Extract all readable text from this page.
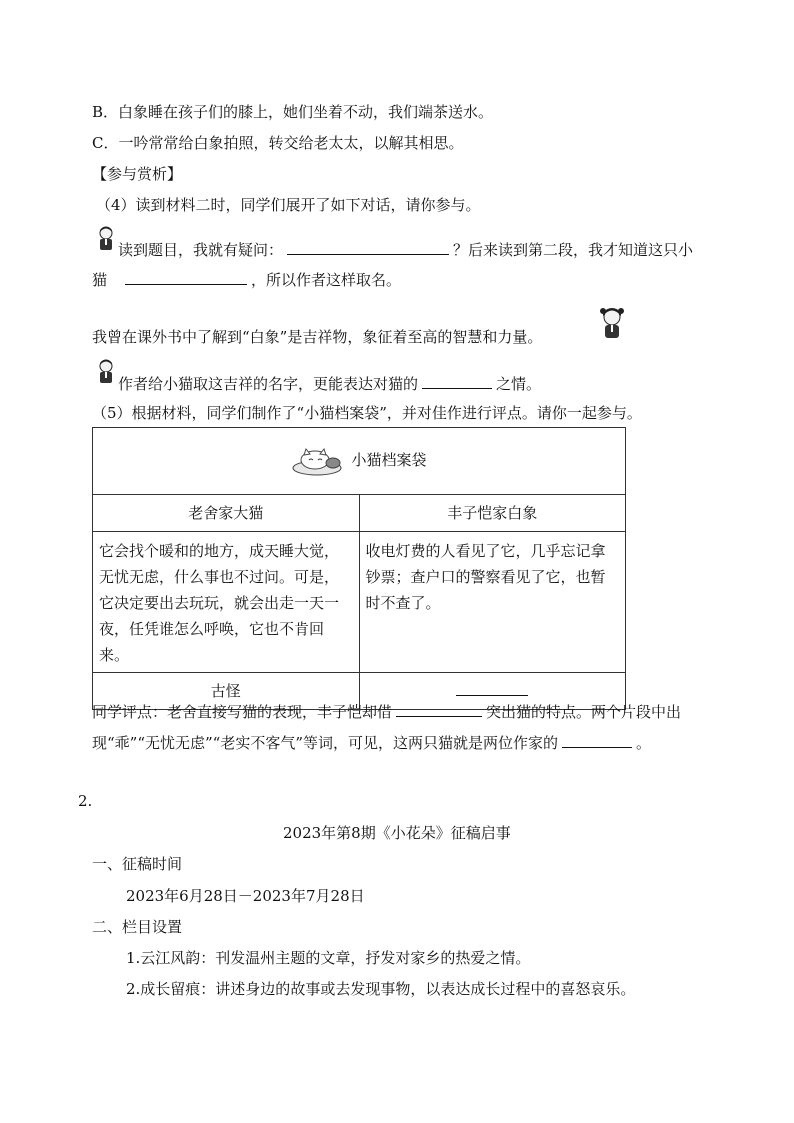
B．白象睡在孩子们的膝上，她们坐着不动，我们端茶送水。
C．一吟常常给白象拍照，转交给老太太，以解其相思。
【参与赏析】
（4）读到材料二时，同学们展开了如下对话，请你参与。
读到题目，我就有疑问：	？后来读到第二段，我才知道这只小
猫	，所以作者这样取名。
我曾在课外书中了解到“白象”是吉祥物，象征着至高的智慧和力量。
作者给小猫取这吉祥的名字，更能表达对猫的	之情。
（5）根据材料，同学们制作了“小猫档案袋”，并对佳作进行评点。请你一起参与。
小猫档案袋	
老舍家大猫	丰子恺家白象
它会找个暖和的地方，成天睡大觉，无忧无虑，什么事也不过问。可是，它决定要出去玩玩，就会出走一天一夜，任凭谁怎么呼唤，它也不肯回来。	收电灯费的人看见了它，几乎忘记拿钞票；查户口的警察看见了它，也暂时不查了。
古怪	
同学评点：老舍直接写猫的表现，丰子恺却借	突出猫的特点。两个片段中出
现“乖”“无忧无虑”“老实不客气”等词，可见，这两只猫就是两位作家的	。
2.
2023年第8期《小花朵》征稿启事
一、征稿时间
2023年6月28日－2023年7月28日
二、栏目设置
1.云江风韵：刊发温州主题的文章，抒发对家乡的热爱之情。
2.成长留痕：讲述身边的故事或去发现事物，以表达成长过程中的喜怒哀乐。
